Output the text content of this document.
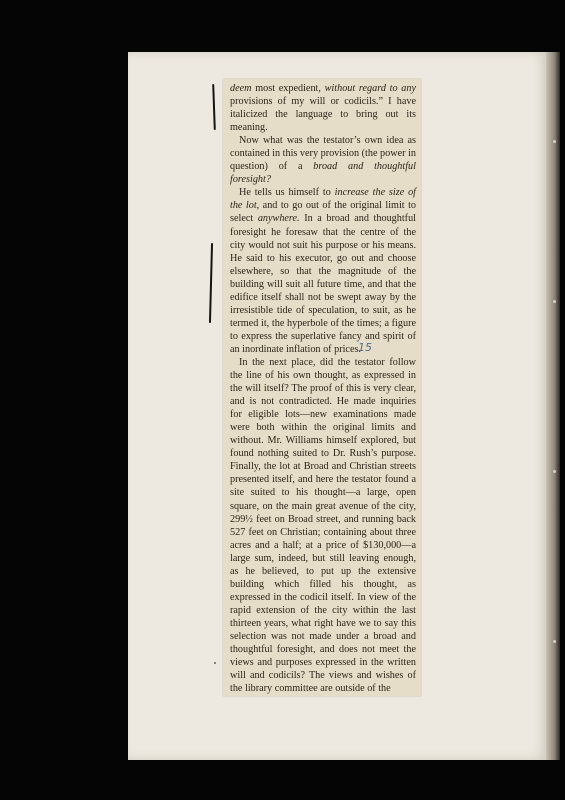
deem most expedient, without regard to any provisions of my will or codicils.” I have italicized the language to bring out its meaning.

Now what was the testator’s own idea as contained in this very provision (the power in question) of a broad and thoughtful foresight?

He tells us himself to increase the size of the lot, and to go out of the original limit to select anywhere. In a broad and thoughtful foresight he foresaw that the centre of the city would not suit his purpose or his means. He said to his executor, go out and choose elsewhere, so that the magnitude of the building will suit all future time, and that the edifice itself shall not be swept away by the irresistible tide of speculation, to suit, as he termed it, the hyperbole of the times; a figure to express the superlative fancy and spirit of an inordinate inflation of prices.

In the next place, did the testator follow the line of his own thought, as expressed in the will itself? The proof of this is very clear, and is not contradicted. He made inquiries for eligible lots—new examinations made were both within the original limits and without. Mr. Williams himself explored, but found nothing suited to Dr. Rush’s purpose. Finally, the lot at Broad and Christian streets presented itself, and here the testator found a site suited to his thought—a large, open square, on the main great avenue of the city, 299½ feet on Broad street, and running back 527 feet on Christian; containing about three acres and a half; at a price of $130,000—a large sum, indeed, but still leaving enough, as he believed, to put up the extensive building which filled his thought, as expressed in the codicil itself. In view of the rapid extension of the city within the last thirteen years, what right have we to say this selection was not made under a broad and thoughtful foresight, and does not meet the views and purposes expressed in the written will and codicils? The views and wishes of the library committee are outside of the

15
